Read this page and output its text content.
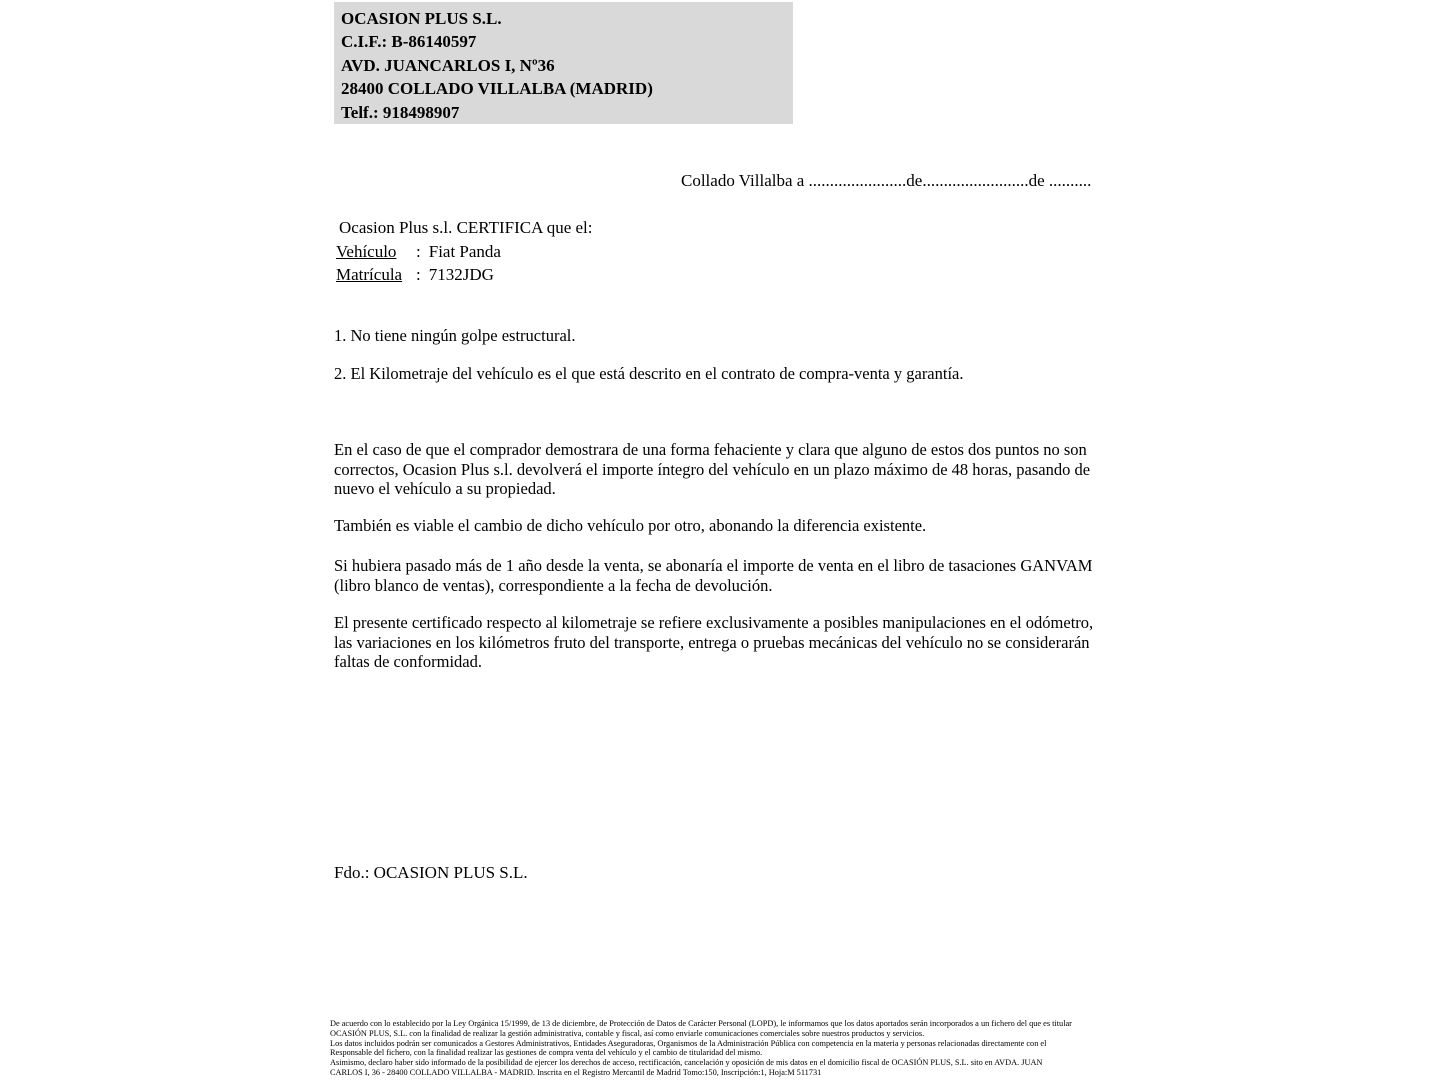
OCASION PLUS S.L.
C.I.F.: B-86140597
AVD. JUANCARLOS I, Nº36
28400 COLLADO VILLALBA (MADRID)
Telf.: 918498907
Collado Villalba a .......................de.........................de ..........
Ocasion Plus s.l. CERTIFICA que el:
Vehículo	: Fiat Panda
Matrícula : 7132JDG
1. No tiene ningún golpe estructural.
2. El Kilometraje del vehículo es el que está descrito en el contrato de compra-venta y garantía.
En el caso de que el comprador demostrara de una forma fehaciente y clara que alguno de estos dos puntos no son correctos, Ocasion Plus s.l. devolverá el importe íntegro del vehículo en un plazo máximo de 48 horas, pasando de nuevo el vehículo a su propiedad.
También es viable el cambio de dicho vehículo por otro, abonando la diferencia existente.
Si hubiera pasado más de 1 año desde la venta, se abonaría el importe de venta en el libro de tasaciones GANVAM (libro blanco de ventas), correspondiente a la fecha de devolución.
El presente certificado respecto al kilometraje se refiere exclusivamente a posibles manipulaciones en el odómetro, las variaciones en los kilómetros fruto del transporte, entrega o pruebas mecánicas del vehículo no se considerarán faltas de conformidad.
Fdo.: OCASION PLUS S.L.
De acuerdo con lo establecido por la Ley Orgánica 15/1999, de 13 de diciembre, de Protección de Datos de Carácter Personal (LOPD), le informamos que los datos aportados serán incorporados a un fichero del que es titular
OCASIÓN PLUS, S.L. con la finalidad de realizar la gestión administrativa, contable y fiscal, así como enviarle comunicaciones comerciales sobre nuestros productos y servicios.
Los datos incluidos podrán ser comunicados a Gestores Administrativos, Entidades Aseguradoras, Organismos de la Administración Pública con competencia en la materia y personas relacionadas directamente con el
Responsable del fichero, con la finalidad realizar las gestiones de compra venta del vehículo y el cambio de titularidad del mismo.
Asimismo, declaro haber sido informado de la posibilidad de ejercer los derechos de acceso, rectificación, cancelación y oposición de mis datos en el domicilio fiscal de OCASIÓN PLUS, S.L. sito en AVDA. JUAN
CARLOS I, 36 - 28400 COLLADO VILLALBA - MADRID. Inscrita en el Registro Mercantil de Madrid Tomo:150, Inscripción:1, Hoja:M 511731
